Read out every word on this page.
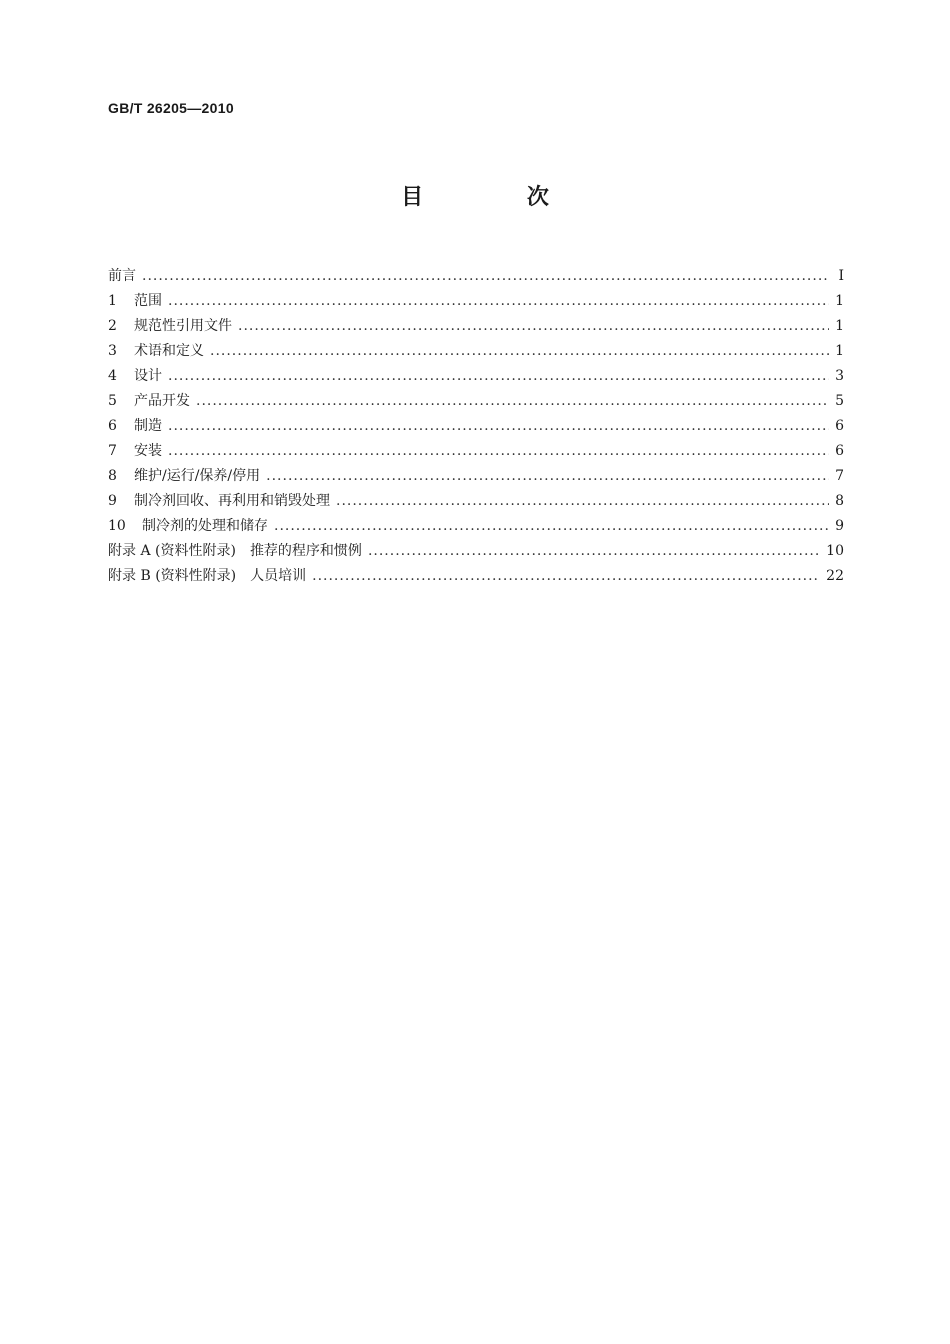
GB/T 26205—2010
目 次
前言 .....	I
1	范围 .....	1
2	规范性引用文件 .....	1
3	术语和定义 .....	1
4	设计 .....	3
5	产品开发 .....	5
6	制造 .....	6
7	安装 .....	6
8	维护/运行/保养/停用 .....	7
9	制冷剂回收、再利用和销毁处理 .....	8
10	制冷剂的处理和储存 .....	9
附录 A (资料性附录) 推荐的程序和惯例 .....	10
附录 B (资料性附录) 人员培训 .....	22
